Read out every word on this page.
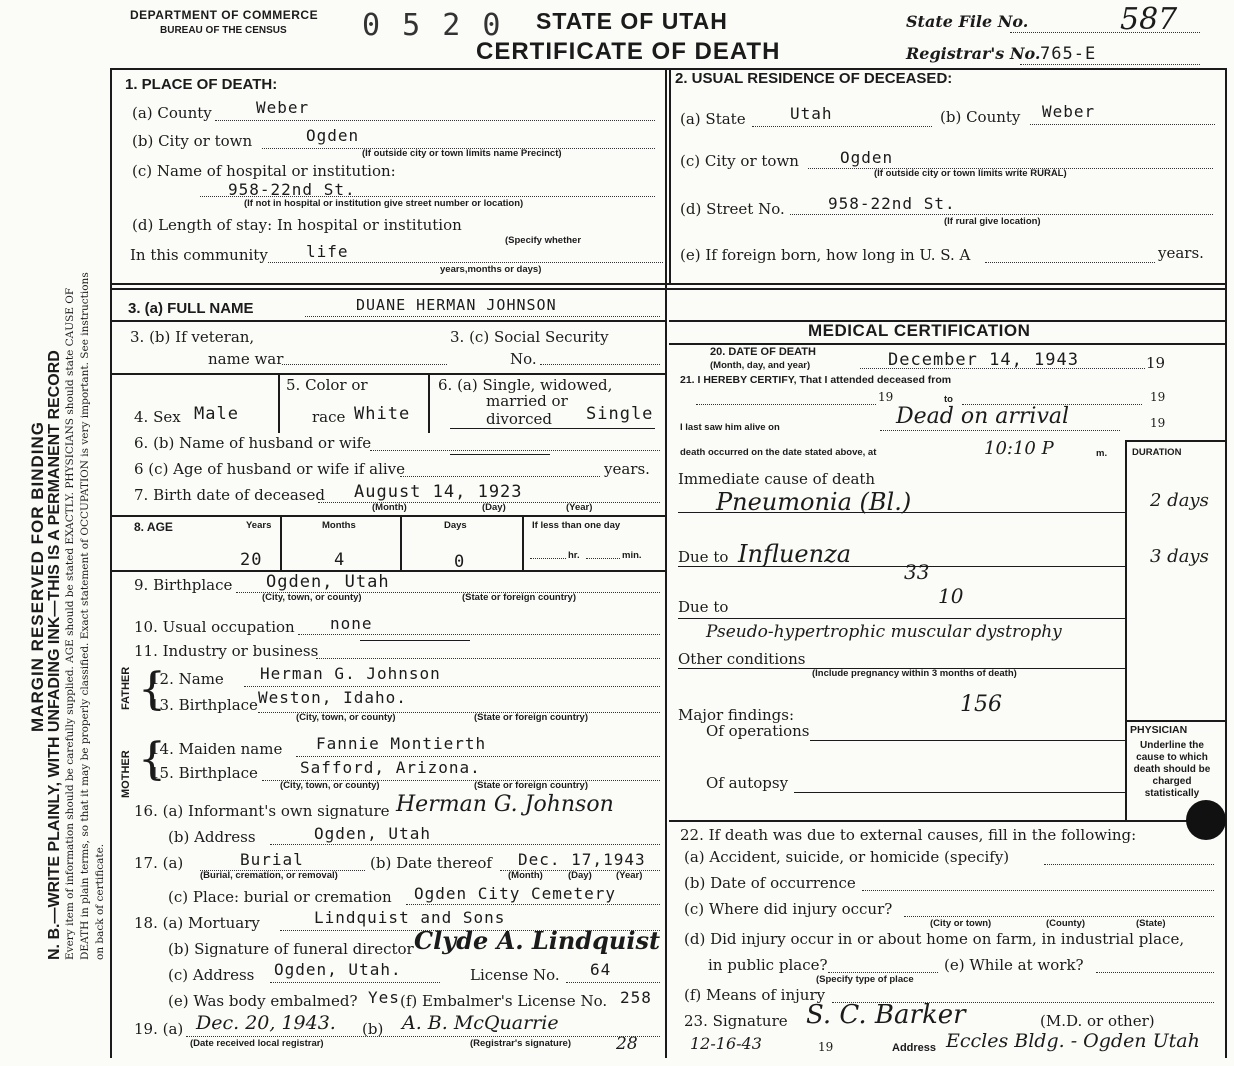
DEPARTMENT OF COMMERCE
BUREAU OF THE CENSUS	0 5 2 0 STATE OF UTAH
CERTIFICATE OF DEATH
State File No.	587
Registrar's No. 765-E
MARGIN RESERVED FOR BINDING N. B.—WRITE PLAINLY, WITH UNFADING INK—THIS IS A PERMANENT RECORD Every item of information should be carefully supplied. AGE should be stated EXACTLY. PHYSICIANS should state CAUSE OF DEATH in plain terms, so that it may be properly classified. Exact statement of OCCUPATION is very important. See instructions on back of certificate.
1. PLACE OF DEATH:
(a) County	Weber
(b) City or town	Ogden
(If outside city or town limits name Precinct)
(c) Name of hospital or institution:
958-22nd St.
(If not in hospital or institution give street number or location)
(d) Length of stay: In hospital or institution
(Specify whether
In this community life
years,months or days)
2. USUAL RESIDENCE OF DECEASED:
(a) State	Utah	(b) County Weber
(c) City or town	Ogden
(If outside city or town limits write RURAL)
(d) Street No.	958-22nd St.
(If rural give location)
(e) If foreign born, how long in U. S. A	years.
3. (a) FULL NAME	DUANE HERMAN JOHNSON
3. (b) If veteran,
name war
3. (c) Social Security
No.
4. Sex Male
5. Color or
race White
6. (a) Single, widowed,
married or
divorced Single
6. (b) Name of husband or wife
6 (c) Age of husband or wife if alive	years.
7. Birth date of deceased August 14, 1923
(Month)	(Day)	(Year)
8. AGE	Years	Months	Days	If less than one day
20	4	0	hr.	min.
9. Birthplace Ogden, Utah
(City, town, or county)	(State or foreign country)
10. Usual occupation none
11. Industry or business
FATHER
MOTHER
{
{
12. Name Herman G. Johnson
13. Birthplace Weston, Idaho.
(City, town, or county)	(State or foreign country)
14. Maiden name Fannie Montierth
15. Birthplace	Safford, Arizona.
(City, town, or county)	(State or foreign country)
16. (a) Informant's own signature Herman G. Johnson
(b) Address	Ogden, Utah
17. (a)	Burial
(Burial, cremation, or removal)
(b) Date thereof Dec. 17,1943
(Month)	(Day)	(Year)
(c) Place: burial or cremation Ogden City Cemetery
18. (a) Mortuary	Lindquist and Sons
(b) Signature of funeral director Clyde A. Lindquist
(c) Address Ogden, Utah.	License No. 64
(e) Was body embalmed? Yes (f) Embalmer's License No. 258
19. (a) Dec. 20, 1943. (b) A. B. McQuarrie
(Date received local registrar)	(Registrar's signature)	28
MEDICAL CERTIFICATION
20. DATE OF DEATH
(Month, day, and year)	December 14, 1943	19
21. I HEREBY CERTIFY, That I attended deceased from
19	to	19
I last saw him alive on	Dead on arrival	19
death occurred on the date stated above, at	10:10 P	m.	DURATION
Immediate cause of death
Pneumonia (Bl.)	2 days
Due to Influenza	3 days
33
10
Due to
Pseudo-hypertrophic muscular dystrophy
Other conditions
(Include pregnancy within 3 months of death)
156
Major findings:
Of operations
Of autopsy
PHYSICIAN
Underline the cause to which death should be charged statistically
22. If death was due to external causes, fill in the following:
(a) Accident, suicide, or homicide (specify)
(b) Date of occurrence
(c) Where did injury occur?
(City or town)	(County)	(State)
(d) Did injury occur in or about home on farm, in industrial place,
in public place?	(e) While at work?
(Specify type of place
(f) Means of injury
23. Signature S. C. Barker	(M.D. or other)
12-16-43	19	Address Eccles Bldg. - Ogden Utah
